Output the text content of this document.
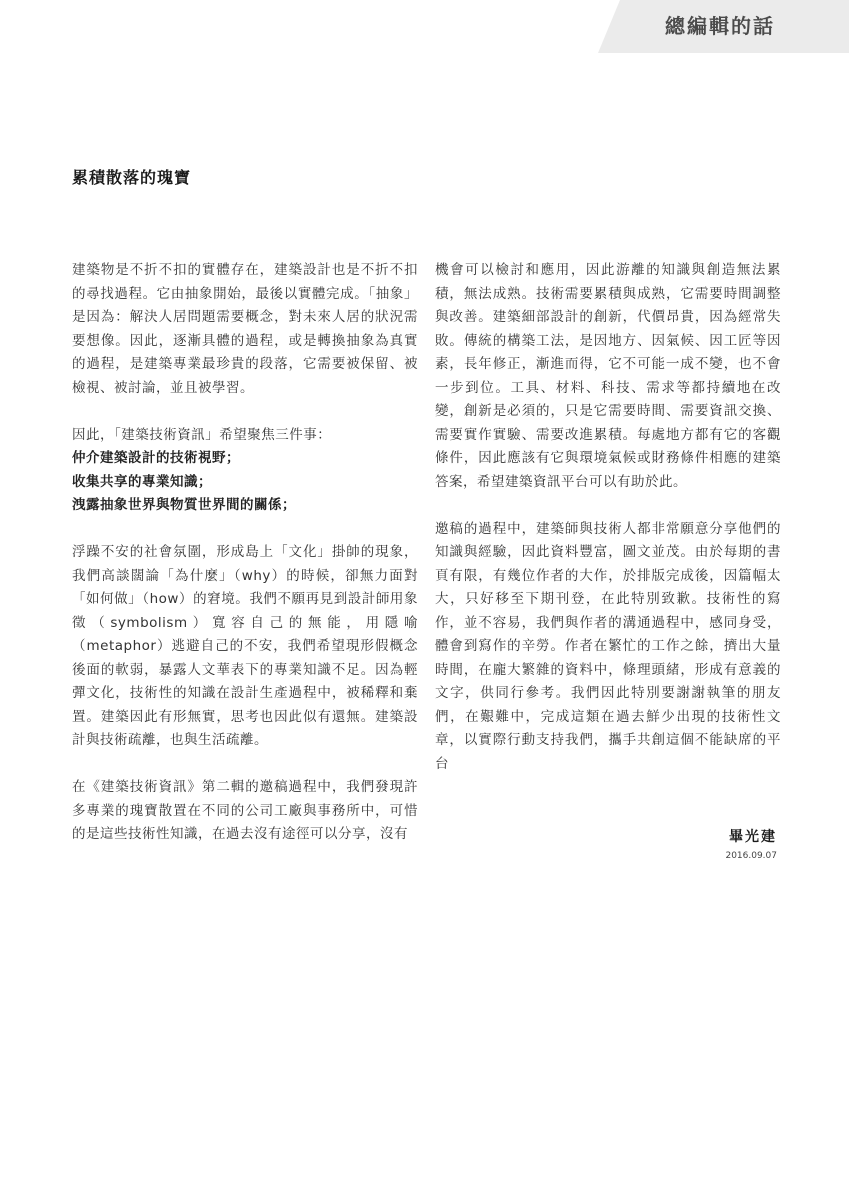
總編輯的話
累積散落的瑰寶

建築物是不折不扣的實體存在，建築設計也是不折不扣的尋找過程。它由抽象開始，最後以實體完成。「抽象」是因為：解決人居問題需要概念，對未來人居的狀況需要想像。因此，逐漸具體的過程，或是轉換抽象為真實的過程，是建築專業最珍貴的段落，它需要被保留、被檢視、被討論，並且被學習。

因此，「建築技術資訊」希望聚焦三件事：

仲介建築設計的技術視野；

收集共享的專業知識；

洩露抽象世界與物質世界間的關係；

浮躁不安的社會氛圍，形成島上「文化」掛帥的現象，我們高談闊論「為什麼」（why）的時候，卻無力面對「如何做」（how）的窘境。我們不願再見到設計師用象徵（symbolism）寬容自己的無能，用隱喻（metaphor）逃避自己的不安，我們希望現形假概念後面的軟弱，暴露人文華表下的專業知識不足。因為輕彈文化，技術性的知識在設計生產過程中，被稀釋和棄置。建築因此有形無實，思考也因此似有還無。建築設計與技術疏離，也與生活疏離。

在《建築技術資訊》第二輯的邀稿過程中，我們發現許多專業的瑰寶散置在不同的公司工廠與事務所中，可惜的是這些技術性知識，在過去沒有途徑可以分享，沒有

機會可以檢討和應用，因此游離的知識與創造無法累積，無法成熟。技術需要累積與成熟，它需要時間調整與改善。建築細部設計的創新，代價昂貴，因為經常失敗。傳統的構築工法，是因地方、因氣候、因工匠等因素，長年修正，漸進而得，它不可能一成不變，也不會一步到位。工具、材料、科技、需求等都持續地在改變，創新是必須的，只是它需要時間、需要資訊交換、需要實作實驗、需要改進累積。每處地方都有它的客觀條件，因此應該有它與環境氣候或財務條件相應的建築答案，希望建築資訊平台可以有助於此。

邀稿的過程中，建築師與技術人都非常願意分享他們的知識與經驗，因此資料豐富，圖文並茂。由於每期的書頁有限，有幾位作者的大作，於排版完成後，因篇幅太大，只好移至下期刊登，在此特別致歉。技術性的寫作，並不容易，我們與作者的溝通過程中，感同身受，體會到寫作的辛勞。作者在繁忙的工作之餘，擠出大量時間，在龐大繁雜的資料中，條理頭緒，形成有意義的文字，供同行參考。我們因此特別要謝謝執筆的朋友們，在艱難中，完成這類在過去鮮少出現的技術性文章，以實際行動支持我們，攜手共創這個不能缺席的平台

畢光建
2016.09.07
